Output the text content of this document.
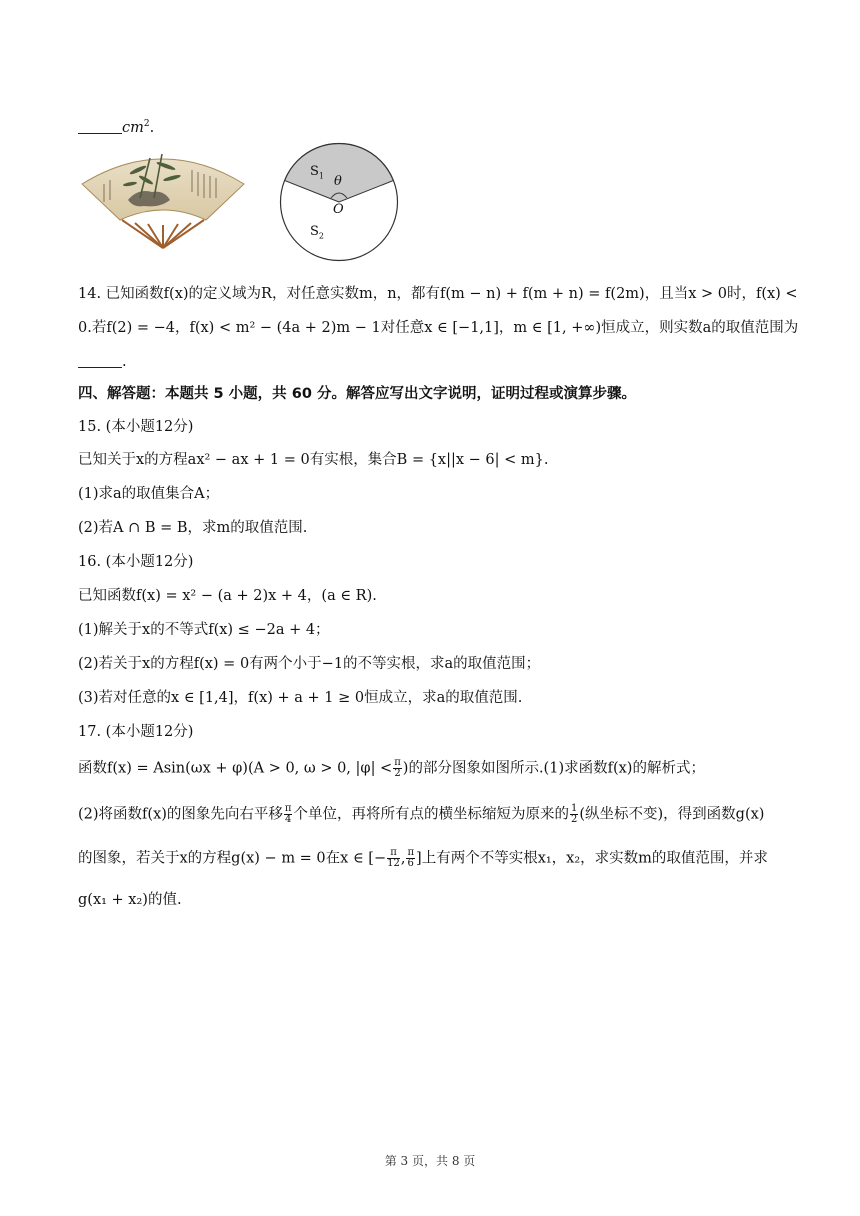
$cm^2$.
$S_1$ θ
O
$S_2$
14. 已知函数f(x)的定义域为R，对任意实数m，n，都有f(m − n) + f(m + n) = f(2m)，且当x > 0时，f(x) <
0.若f(2) = −4，f(x) < m² − (4a + 2)m − 1对任意x ∈ [−1,1]，m ∈ [1, +∞)恒成立，则实数a的取值范围为
.
四、解答题：本题共 5 小题，共 60 分。解答应写出文字说明，证明过程或演算步骤。
15. (本小题12分)
已知关于x的方程ax² − ax + 1 = 0有实根，集合B = {x||x − 6| < m}.
(1)求a的取值集合A；
(2)若A ∩ B = B，求m的取值范围.
16. (本小题12分)
已知函数f(x) = x² − (a + 2)x + 4，(a ∈ R).
(1)解关于x的不等式f(x) ≤ −2a + 4；
(2)若关于x的方程f(x) = 0有两个小于−1的不等实根，求a的取值范围；
(3)若对任意的x ∈ [1,4]，f(x) + a + 1 ≥ 0恒成立，求a的取值范围.
17. (本小题12分)
函数f(x) = Asin(ωx + φ)(A > 0, ω > 0, $|\varphi| < \frac{\pi}{2}$ )的部分图象如图所示.(1)求函数f(x)的解析式；
(2)将函数f(x)的图象先向右平移 $\frac{\pi}{4}$ 个单位，再将所有点的横坐标缩短为原来的 $\frac{1}{2}$ (纵坐标不变)，得到函数g(x)
的图象，若关于x的方程g(x) − m = 0在x ∈ [− $\frac{\pi}{12}$ , $\frac{\pi}{6}$ ]上有两个不等实根x₁，x₂，求实数m的取值范围，并求
g(x₁ + x₂)的值.
第 3 页，共 8 页
